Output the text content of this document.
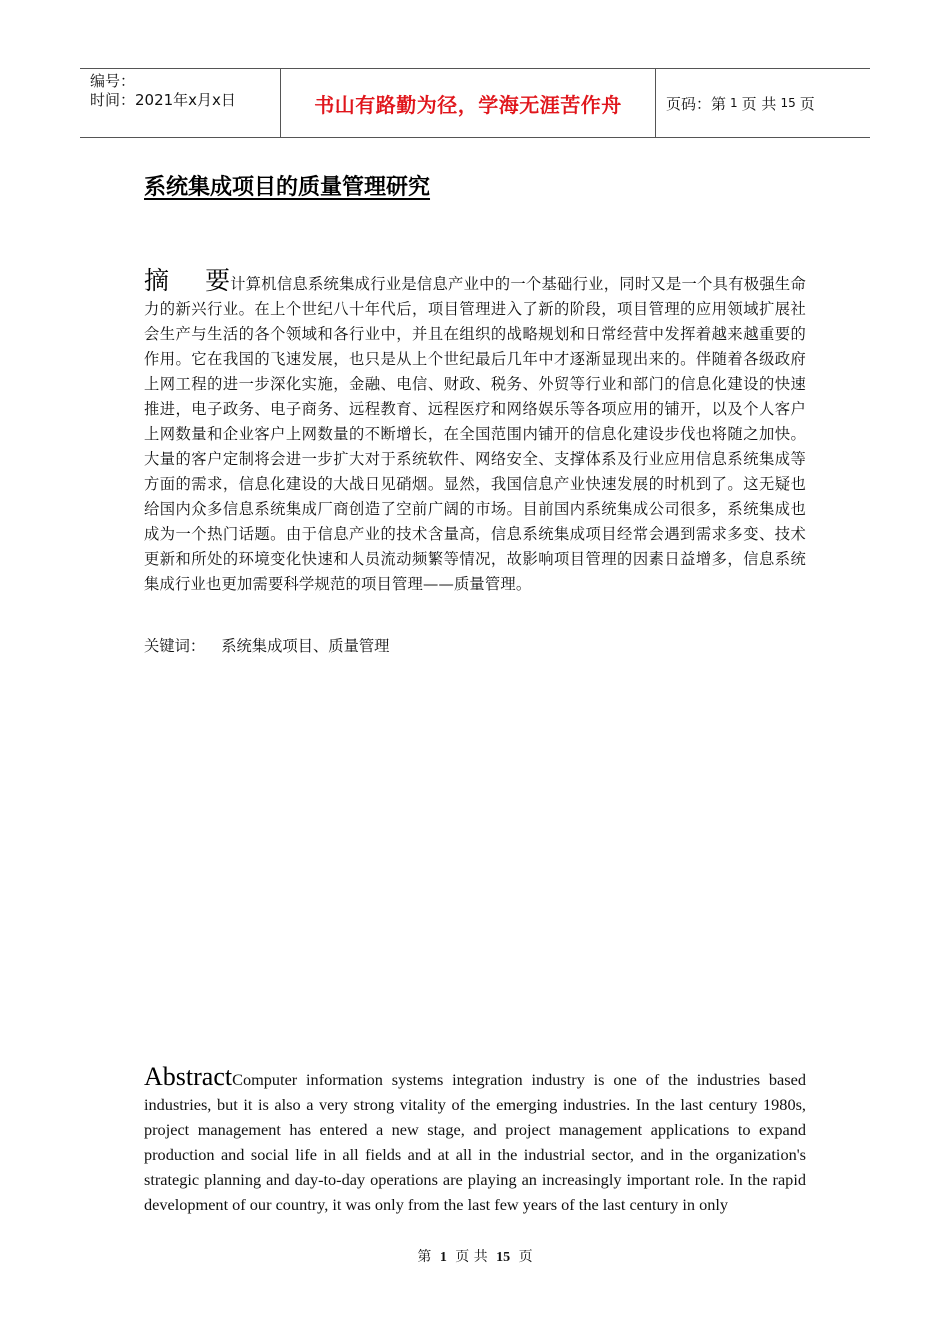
编号：
时间：2021年x月x日	书山有路勤为径，学海无涯苦作舟	页码：第 1 页 共 15 页
系统集成项目的质量管理研究
摘要计算机信息系统集成行业是信息产业中的一个基础行业，同时又是一个具有极强生命力的新兴行业。在上个世纪八十年代后，项目管理进入了新的阶段，项目管理的应用领域扩展社会生产与生活的各个领域和各行业中，并且在组织的战略规划和日常经营中发挥着越来越重要的作用。它在我国的飞速发展，也只是从上个世纪最后几年中才逐渐显现出来的。伴随着各级政府上网工程的进一步深化实施，金融、电信、财政、税务、外贸等行业和部门的信息化建设的快速推进，电子政务、电子商务、远程教育、远程医疗和网络娱乐等各项应用的铺开，以及个人客户上网数量和企业客户上网数量的不断增长，在全国范围内铺开的信息化建设步伐也将随之加快。大量的客户定制将会进一步扩大对于系统软件、网络安全、支撑体系及行业应用信息系统集成等方面的需求，信息化建设的大战日见硝烟。显然，我国信息产业快速发展的时机到了。这无疑也给国内众多信息系统集成厂商创造了空前广阔的市场。目前国内系统集成公司很多，系统集成也成为一个热门话题。由于信息产业的技术含量高，信息系统集成项目经常会遇到需求多变、技术更新和所处的环境变化快速和人员流动频繁等情况，故影响项目管理的因素日益增多，信息系统集成行业也更加需要科学规范的项目管理——质量管理。
关键词： 系统集成项目、质量管理
AbstractComputer information systems integration industry is one of the industries based industries, but it is also a very strong vitality of the emerging industries. In the last century 1980s, project management has entered a new stage, and project management applications to expand production and social life in all fields and at all in the industrial sector, and in the organization's strategic planning and day-to-day operations are playing an increasingly important role. In the rapid development of our country, it was only from the last few years of the last century in only
第 1 页 共 15 页
